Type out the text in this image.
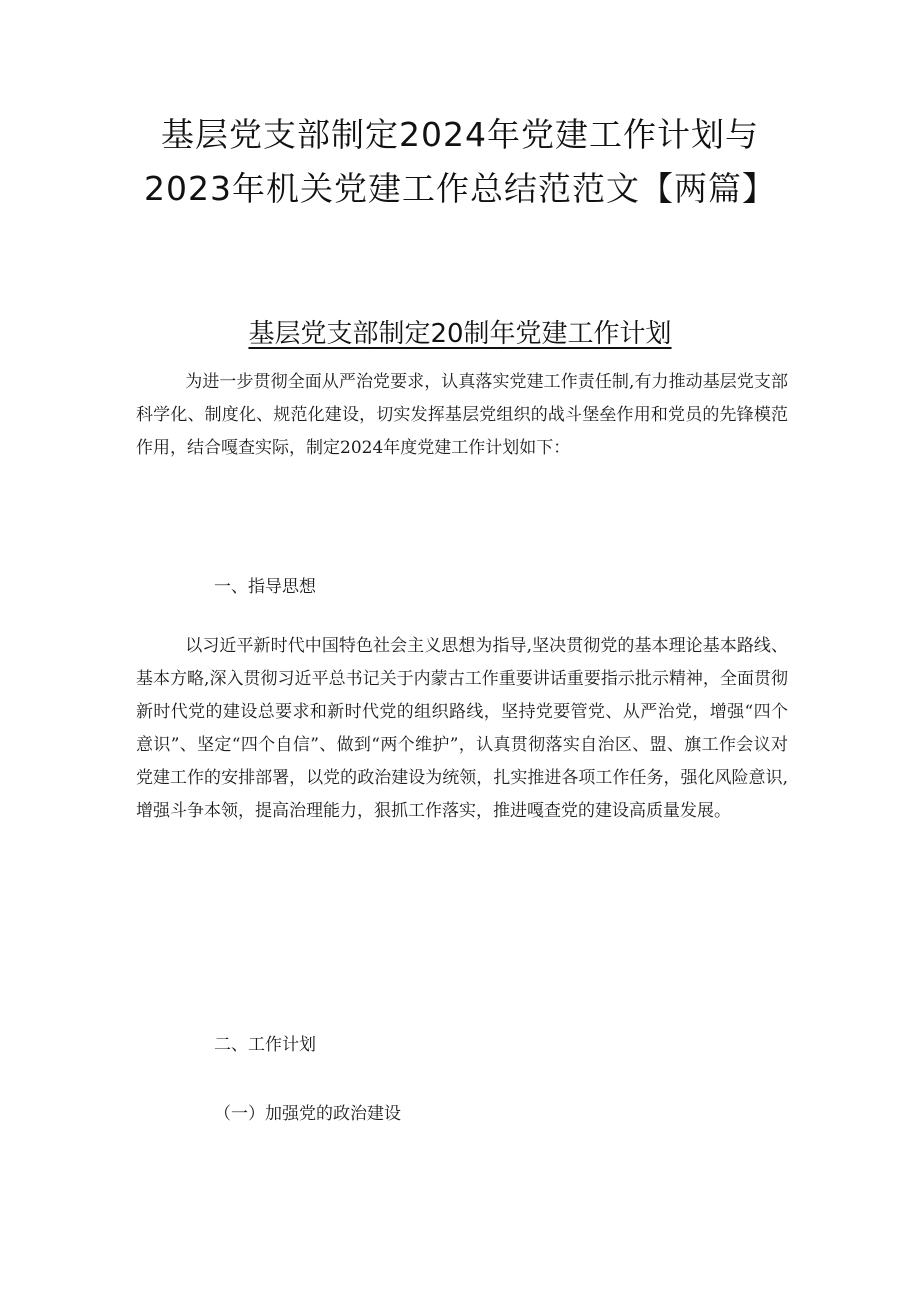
基层党支部制定2024年党建工作计划与
2023年机关党建工作总结范范文【两篇】
基层党支部制定20制年党建工作计划

为进一步贯彻全面从严治党要求，认真落实党建工作责任制,有力推动基层党支部科学化、制度化、规范化建设，切实发挥基层党组织的战斗堡垒作用和党员的先锋模范作用，结合嘎查实际，制定2024年度党建工作计划如下：

一、指导思想

以习近平新时代中国特色社会主义思想为指导,坚决贯彻党的基本理论基本路线、基本方略,深入贯彻习近平总书记关于内蒙古工作重要讲话重要指示批示精神，全面贯彻新时代党的建设总要求和新时代党的组织路线，坚持党要管党、从严治党，增强“四个意识”、坚定“四个自信”、做到“两个维护”，认真贯彻落实自治区、盟、旗工作会议对党建工作的安排部署，以党的政治建设为统领，扎实推进各项工作任务，强化风险意识,增强斗争本领，提高治理能力，狠抓工作落实，推进嘎查党的建设高质量发展。

二、工作计划

（一）加强党的政治建设
